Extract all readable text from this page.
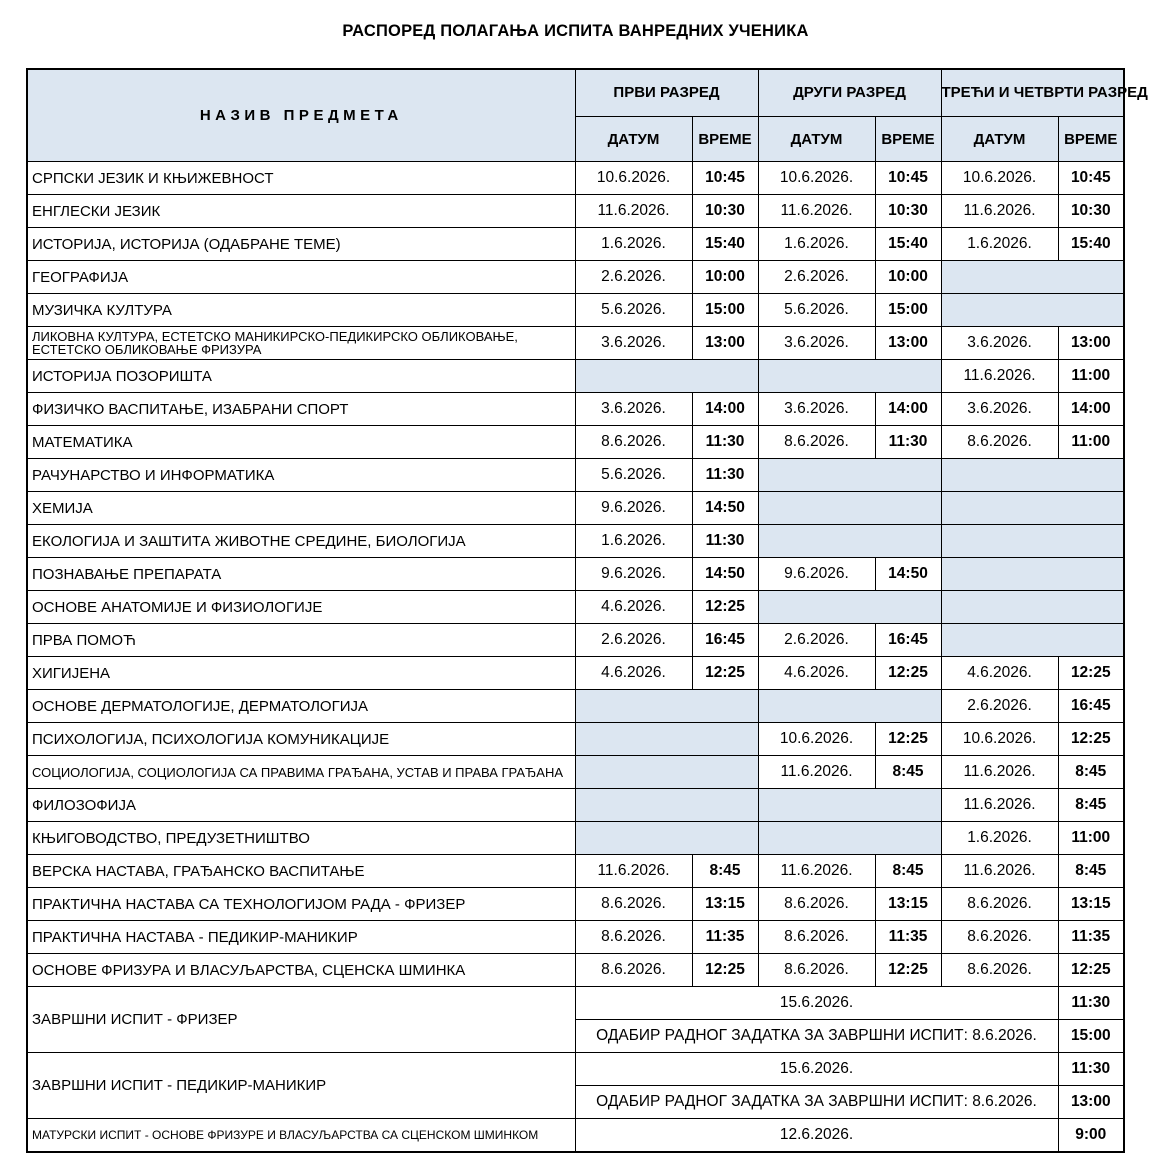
РАСПОРЕД ПОЛАГАЊА ИСПИТА ВАНРЕДНИХ УЧЕНИКА
НАЗИВ ПРЕДМЕТА	ПРВИ РАЗРЕД		ДРУГИ РАЗРЕД		ТРЕЋИ И ЧЕТВРТИ РАЗРЕД	
	ДАТУМ	ВРЕМЕ	ДАТУМ	ВРЕМЕ	ДАТУМ	ВРЕМЕ
СРПСКИ ЈЕЗИК И КЊИЖЕВНОСТ	10.6.2026.	10:45	10.6.2026.	10:45	10.6.2026.	10:45
ЕНГЛЕСКИ ЈЕЗИК	11.6.2026.	10:30	11.6.2026.	10:30	11.6.2026.	10:30
ИСТОРИЈА, ИСТОРИЈА (ОДАБРАНЕ ТЕМЕ)	1.6.2026.	15:40	1.6.2026.	15:40	1.6.2026.	15:40
ГЕОГРАФИЈА	2.6.2026.	10:00	2.6.2026.	10:00		
МУЗИЧКА КУЛТУРА	5.6.2026.	15:00	5.6.2026.	15:00		
ЛИКОВНА КУЛТУРА, ЕСТЕТСКО МАНИКИРСКО-ПЕДИКИРСКО ОБЛИКОВАЊЕ, ЕСТЕТСКО ОБЛИКОВАЊЕ ФРИЗУРА	3.6.2026.	13:00	3.6.2026.	13:00	3.6.2026.	13:00
ИСТОРИЈА ПОЗОРИШТА					11.6.2026.	11:00
ФИЗИЧКО ВАСПИТАЊЕ, ИЗАБРАНИ СПОРТ	3.6.2026.	14:00	3.6.2026.	14:00	3.6.2026.	14:00
МАТЕМАТИКА	8.6.2026.	11:30	8.6.2026.	11:30	8.6.2026.	11:00
РАЧУНАРСТВО И ИНФОРМАТИКА	5.6.2026.	11:30				
ХЕМИЈА	9.6.2026.	14:50				
ЕКОЛОГИЈА И ЗАШТИТА ЖИВОТНЕ СРЕДИНЕ, БИОЛОГИЈА	1.6.2026.	11:30				
ПОЗНАВАЊЕ ПРЕПАРАТА	9.6.2026.	14:50	9.6.2026.	14:50		
ОСНОВЕ АНАТОМИЈЕ И ФИЗИОЛОГИЈЕ	4.6.2026.	12:25				
ПРВА ПОМОЋ	2.6.2026.	16:45	2.6.2026.	16:45		
ХИГИЈЕНА	4.6.2026.	12:25	4.6.2026.	12:25	4.6.2026.	12:25
ОСНОВЕ ДЕРМАТОЛОГИЈЕ, ДЕРМАТОЛОГИЈА					2.6.2026.	16:45
ПСИХОЛОГИЈА, ПСИХОЛОГИЈА КОМУНИКАЦИЈЕ			10.6.2026.	12:25	10.6.2026.	12:25
СОЦИОЛОГИЈА, СОЦИОЛОГИЈА СА ПРАВИМА ГРАЂАНА, УСТАВ И ПРАВА ГРАЂАНА			11.6.2026.	8:45	11.6.2026.	8:45
ФИЛОЗОФИЈА					11.6.2026.	8:45
КЊИГОВОДСТВО, ПРЕДУЗЕТНИШТВО					1.6.2026.	11:00
ВЕРСКА НАСТАВА, ГРАЂАНСКО ВАСПИТАЊЕ	11.6.2026.	8:45	11.6.2026.	8:45	11.6.2026.	8:45
ПРАКТИЧНА НАСТАВА СА ТЕХНОЛОГИЈОМ РАДА - ФРИЗЕР	8.6.2026.	13:15	8.6.2026.	13:15	8.6.2026.	13:15
ПРАКТИЧНА НАСТАВА - ПЕДИКИР-МАНИКИР	8.6.2026.	11:35	8.6.2026.	11:35	8.6.2026.	11:35
ОСНОВЕ ФРИЗУРА И ВЛАСУЉАРСТВА, СЦЕНСКА ШМИНКА	8.6.2026.	12:25	8.6.2026.	12:25	8.6.2026.	12:25
ЗАВРШНИ ИСПИТ - ФРИЗЕР	15.6.2026.					11:30
	ОДАБИР РАДНОГ ЗАДАТКА ЗА ЗАВРШНИ ИСПИТ: 8.6.2026.					15:00
ЗАВРШНИ ИСПИТ - ПЕДИКИР-МАНИКИР	15.6.2026.					11:30
	ОДАБИР РАДНОГ ЗАДАТКА ЗА ЗАВРШНИ ИСПИТ: 8.6.2026.					13:00
МАТУРСКИ ИСПИТ - ОСНОВЕ ФРИЗУРЕ И ВЛАСУЉАРСТВА СА СЦЕНСКОМ ШМИНКОМ	12.6.2026.					9:00
